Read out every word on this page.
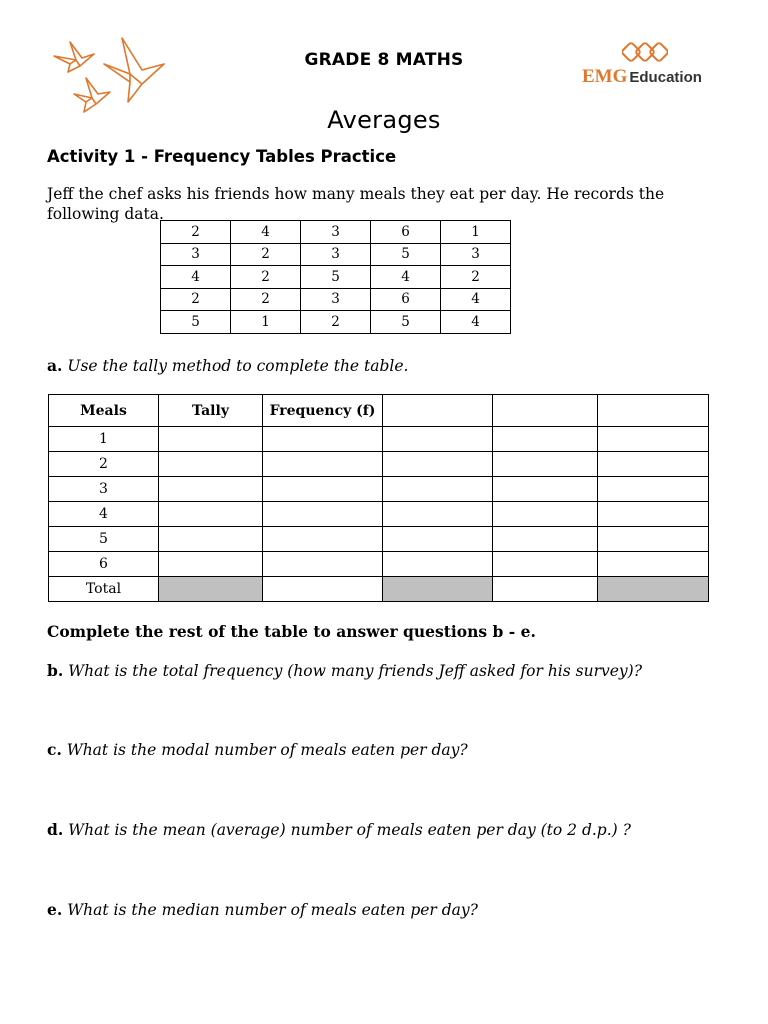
GRADE 8 MATHS
EMG Education
Averages
Activity 1 - Frequency Tables Practice
Jeff the chef asks his friends how many meals they eat per day. He records the following data.
2	4	3	6	1
3	2	3	5	3
4	2	5	4	2
2	2	3	6	4
5	1	2	5	4
a. Use the tally method to complete the table.
Meals	Tally	Frequency (f)			
1					
2					
3					
4					
5					
6					
Total					
Complete the rest of the table to answer questions b - e.
b. What is the total frequency (how many friends Jeff asked for his survey)?
c. What is the modal number of meals eaten per day?
d. What is the mean (average) number of meals eaten per day (to 2 d.p.) ?
e. What is the median number of meals eaten per day?
